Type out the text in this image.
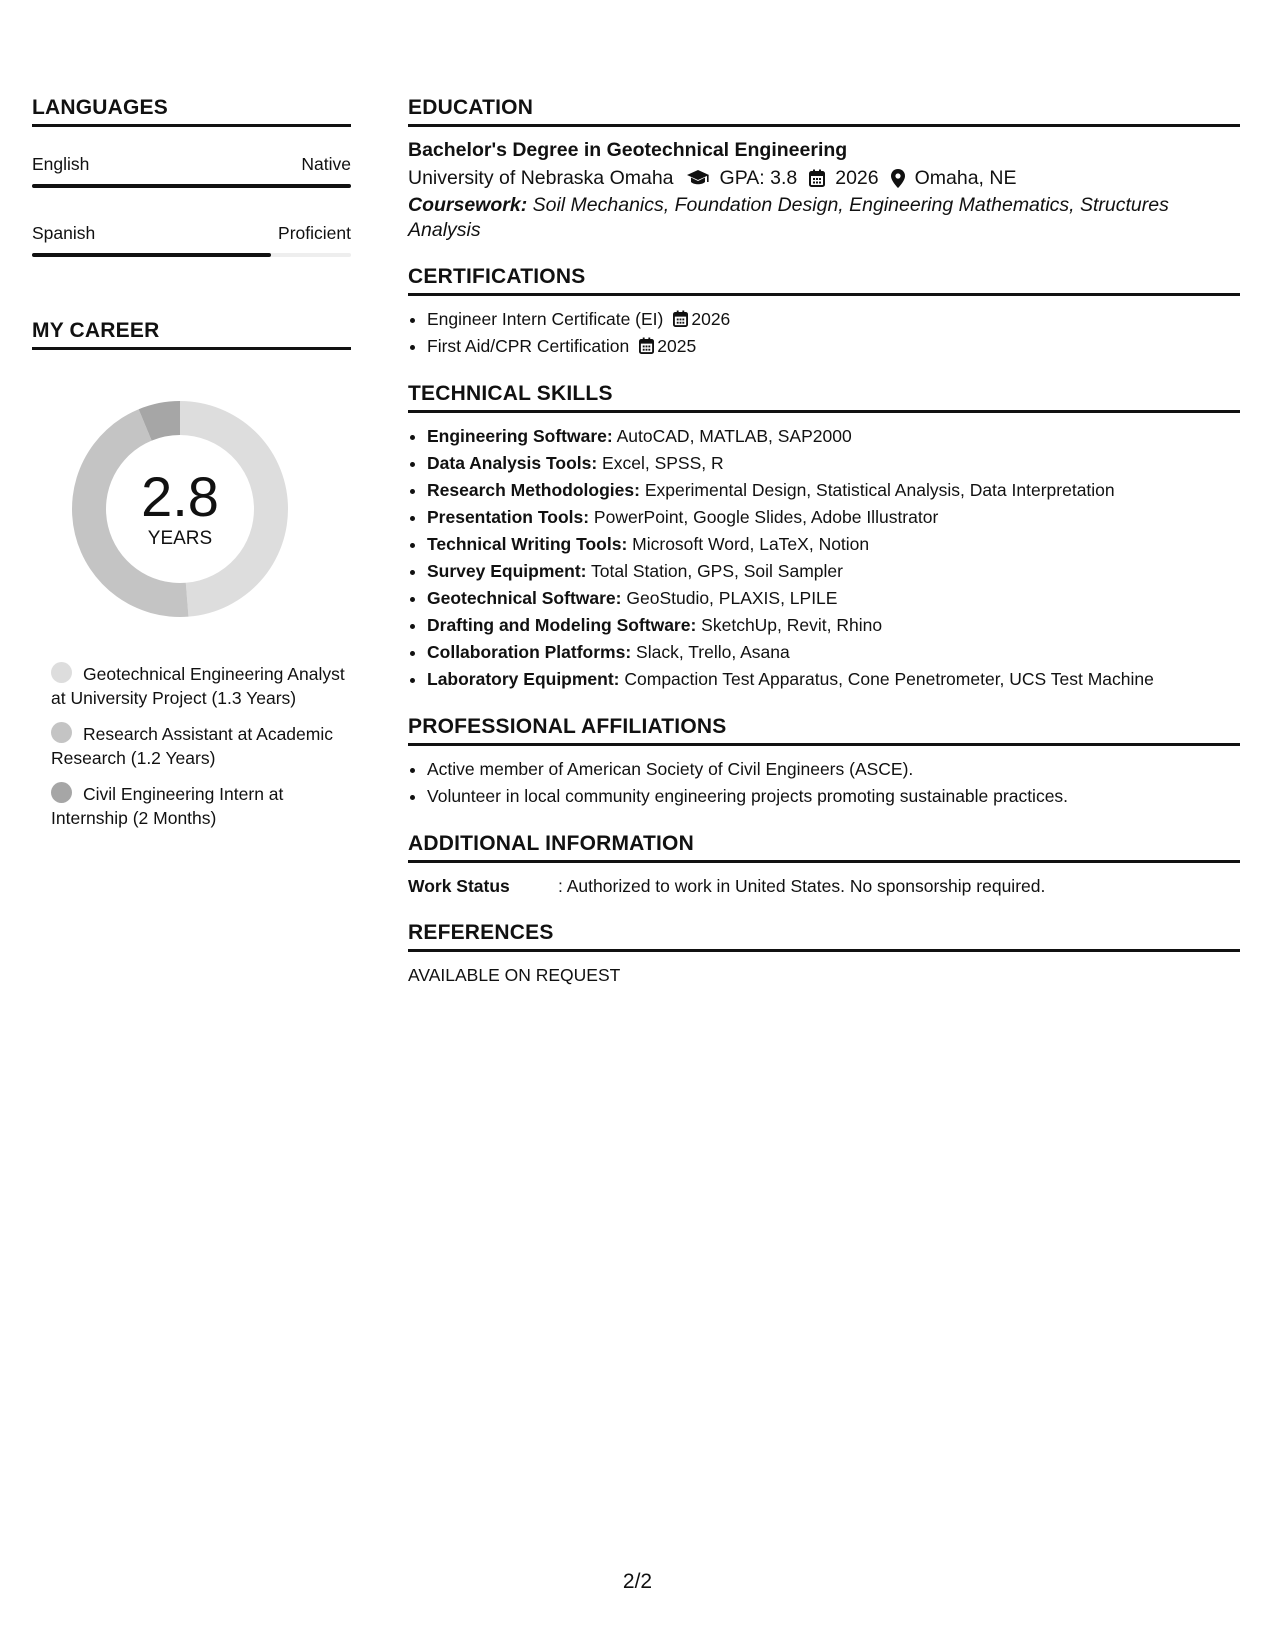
LANGUAGES
English	Native
Spanish	Proficient
MY CAREER
2.8
YEARS
Geotechnical Engineering Analyst at University Project (1.3 Years)
Research Assistant at Academic Research (1.2 Years)
Civil Engineering Intern at Internship (2 Months)
EDUCATION
Bachelor's Degree in Geotechnical Engineering
University of Nebraska Omaha GPA: 3.8 2026 Omaha, NE
Coursework: Soil Mechanics, Foundation Design, Engineering Mathematics, Structures Analysis
CERTIFICATIONS
• Engineer Intern Certificate (EI) 2026
• First Aid/CPR Certification 2025
TECHNICAL SKILLS
• Engineering Software: AutoCAD, MATLAB, SAP2000
• Data Analysis Tools: Excel, SPSS, R
• Research Methodologies: Experimental Design, Statistical Analysis, Data Interpretation
• Presentation Tools: PowerPoint, Google Slides, Adobe Illustrator
• Technical Writing Tools: Microsoft Word, LaTeX, Notion
• Survey Equipment: Total Station, GPS, Soil Sampler
• Geotechnical Software: GeoStudio, PLAXIS, LPILE
• Drafting and Modeling Software: SketchUp, Revit, Rhino
• Collaboration Platforms: Slack, Trello, Asana
• Laboratory Equipment: Compaction Test Apparatus, Cone Penetrometer, UCS Test Machine
PROFESSIONAL AFFILIATIONS
• Active member of American Society of Civil Engineers (ASCE).
• Volunteer in local community engineering projects promoting sustainable practices.
ADDITIONAL INFORMATION
Work Status	: Authorized to work in United States. No sponsorship required.
REFERENCES
AVAILABLE ON REQUEST
2/2
